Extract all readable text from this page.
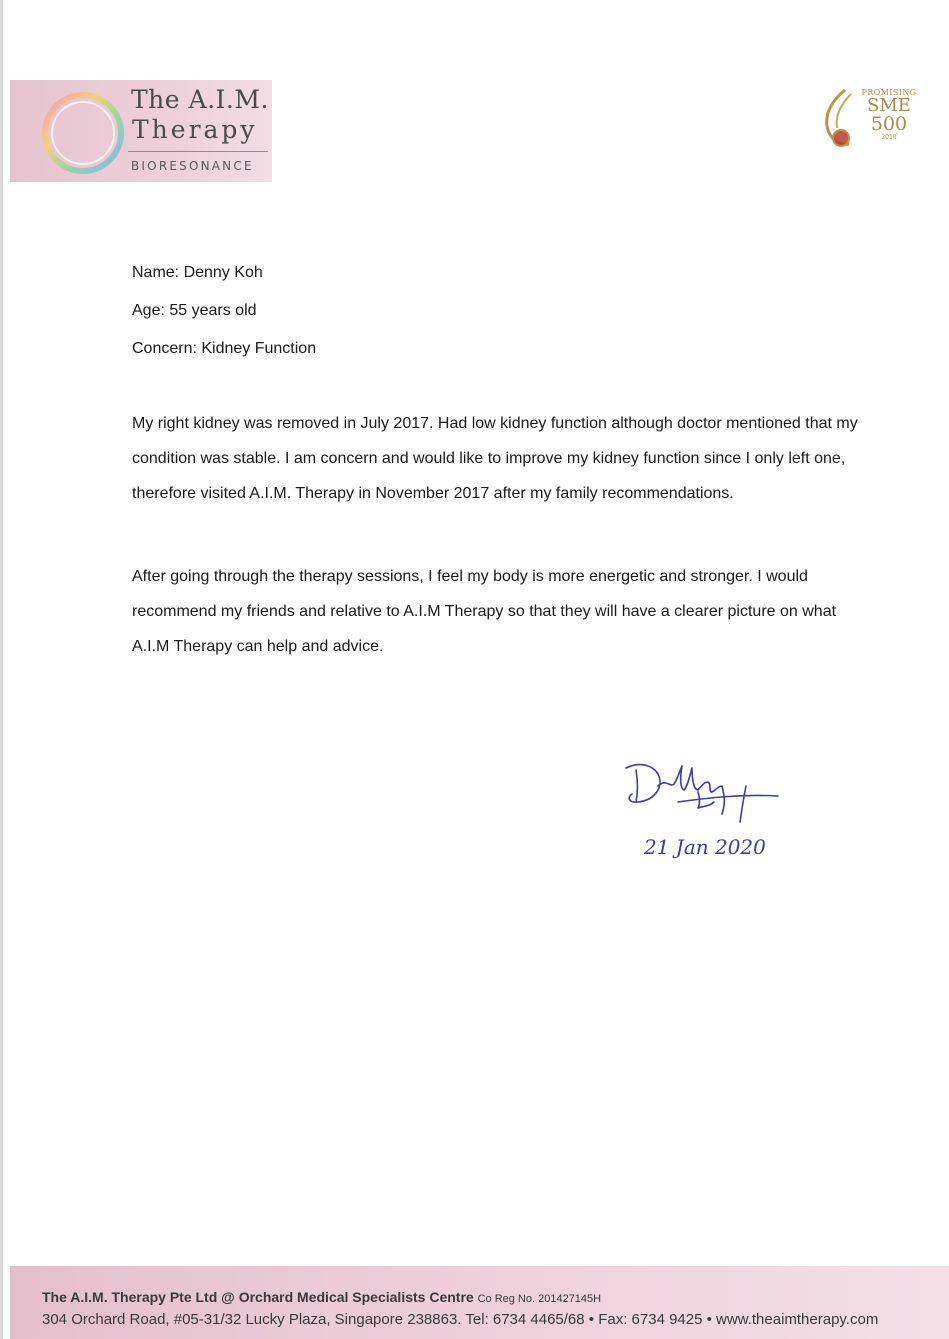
The A.I.M.
Therapy
BIORESONANCE
PROMISING
SME
500
2018
Name: Denny Koh
Age: 55 years old
Concern: Kidney Function

My right kidney was removed in July 2017. Had low kidney function although doctor mentioned that my condition was stable. I am concern and would like to improve my kidney function since I only left one, therefore visited A.I.M. Therapy in November 2017 after my family recommendations.

After going through the therapy sessions, I feel my body is more energetic and stronger. I would recommend my friends and relative to A.I.M Therapy so that they will have a clearer picture on what A.I.M Therapy can help and advice.

21 Jan 2020
The A.I.M. Therapy Pte Ltd @ Orchard Medical Specialists Centre Co Reg No. 201427145H
304 Orchard Road, #05-31/32 Lucky Plaza, Singapore 238863. Tel: 6734 4465/68 • Fax: 6734 9425 • www.theaimtherapy.com
